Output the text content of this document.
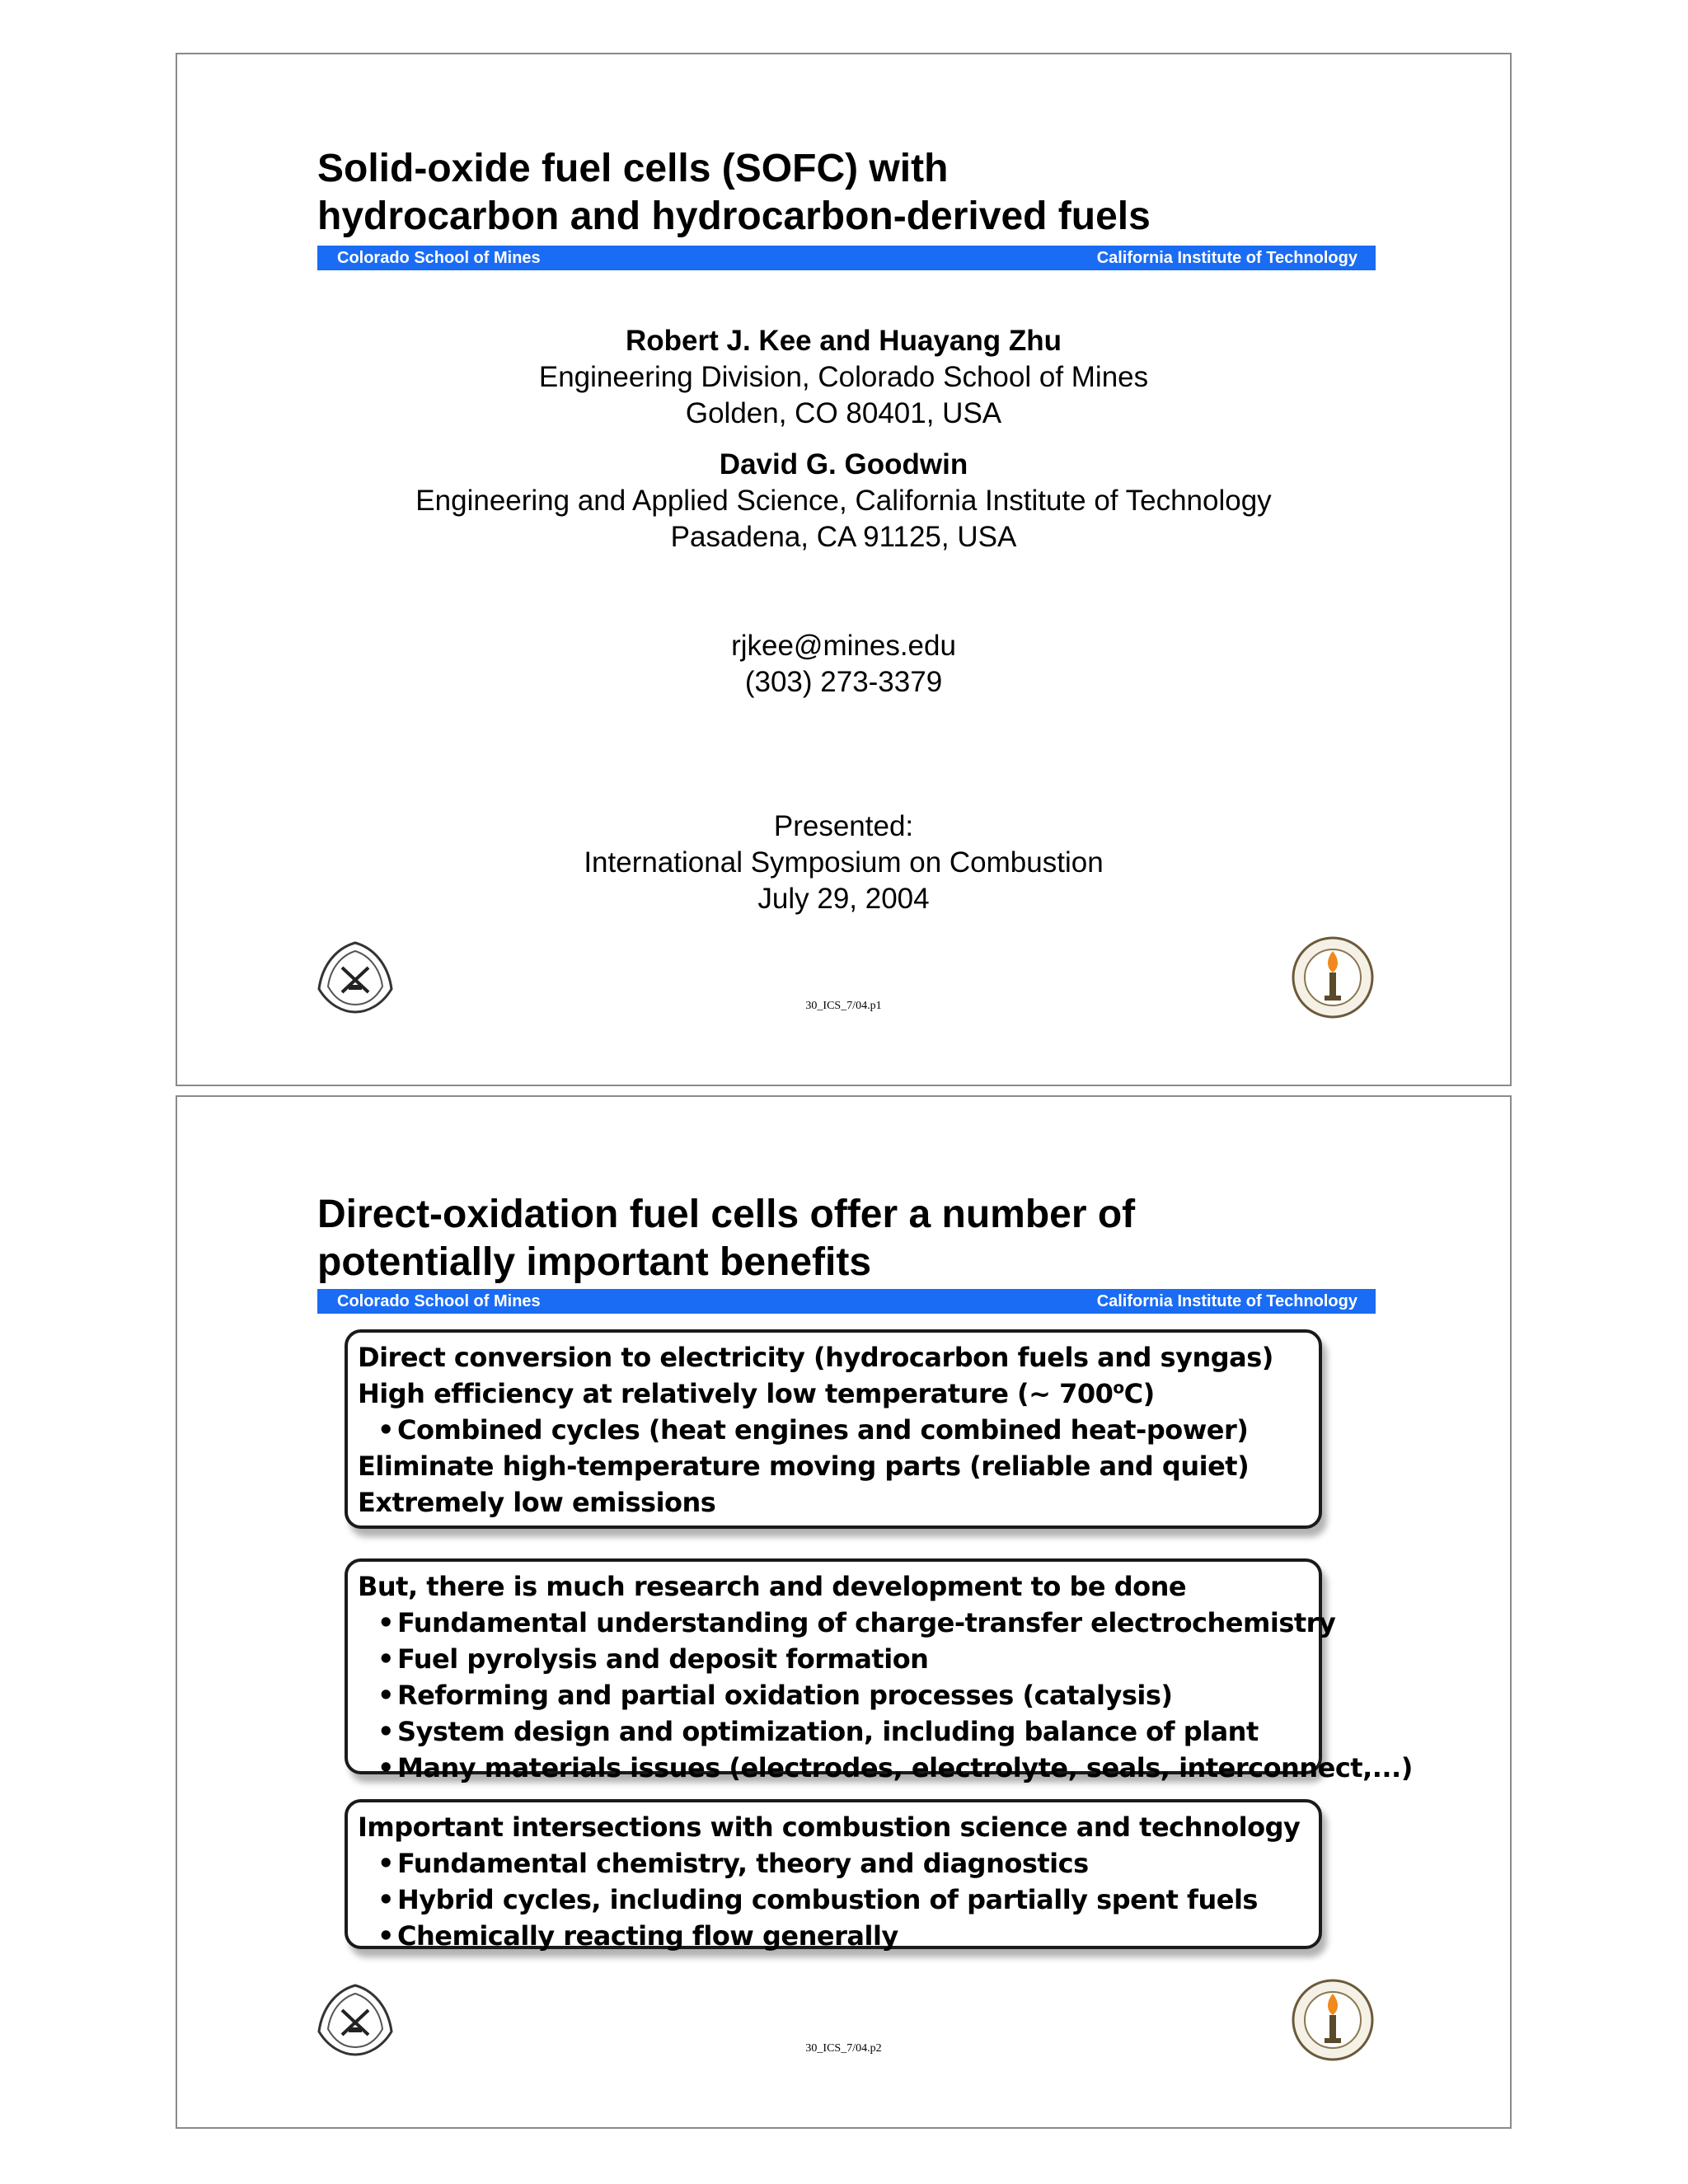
Solid-oxide fuel cells (SOFC) with
hydrocarbon and hydrocarbon-derived fuels
Colorado School of Mines	California Institute of Technology
Robert J. Kee and Huayang Zhu
Engineering Division, Colorado School of Mines
Golden, CO 80401, USA
David G. Goodwin
Engineering and Applied Science, California Institute of Technology
Pasadena, CA 91125, USA
rjkee@mines.edu
(303) 273-3379
Presented:
International Symposium on Combustion
July 29, 2004
30_ICS_7/04.p1
Direct-oxidation fuel cells offer a number of
potentially important benefits
Colorado School of Mines	California Institute of Technology
Direct conversion to electricity (hydrocarbon fuels and syngas)
High efficiency at relatively low temperature (~ 700$^o$C)
• Combined cycles (heat engines and combined heat-power)
Eliminate high-temperature moving parts (reliable and quiet)
Extremely low emissions
But, there is much research and development to be done
• Fundamental understanding of charge-transfer electrochemistry
• Fuel pyrolysis and deposit formation
• Reforming and partial oxidation processes (catalysis)
• System design and optimization, including balance of plant
• Many materials issues (electrodes, electrolyte, seals, interconnect,...)
Important intersections with combustion science and technology
• Fundamental chemistry, theory and diagnostics
• Hybrid cycles, including combustion of partially spent fuels
• Chemically reacting flow generally
30_ICS_7/04.p2
